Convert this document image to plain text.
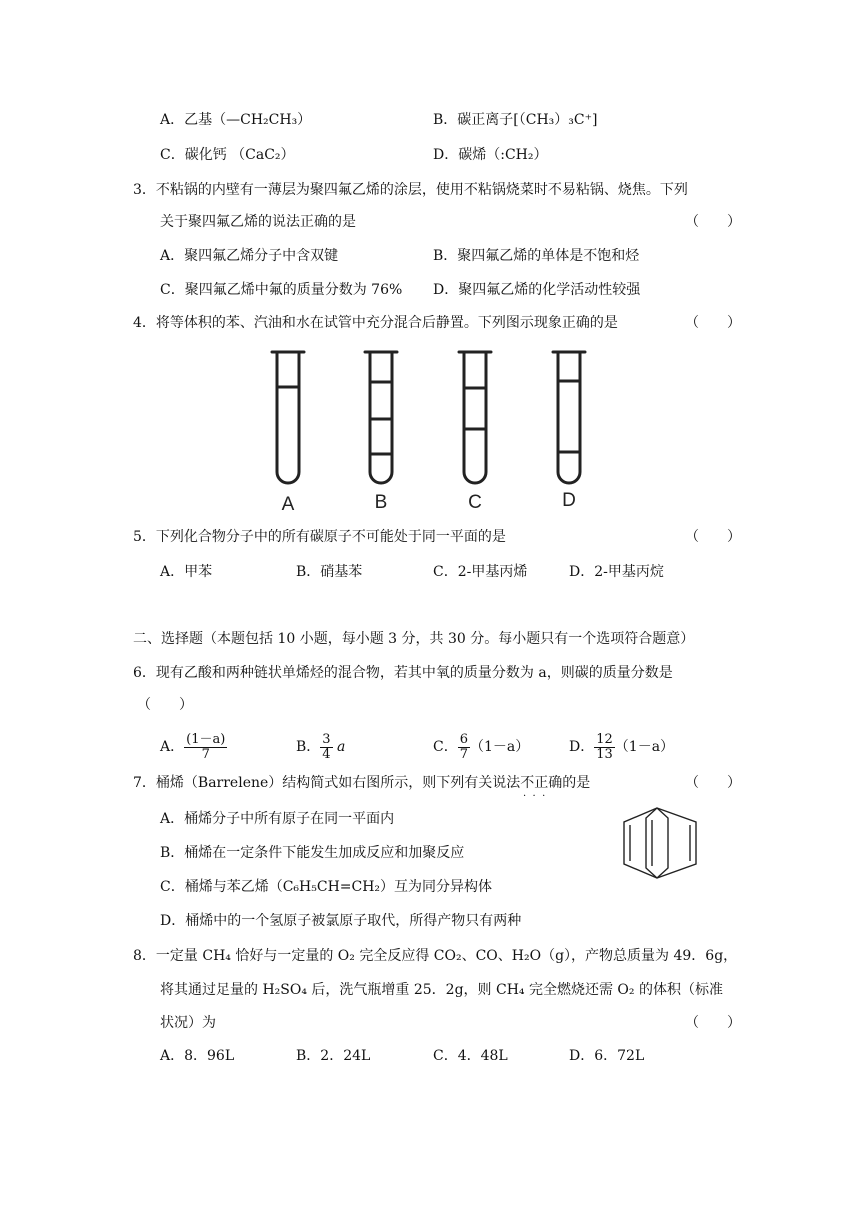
A．乙基（—CH₂CH₃）	B．碳正离子[（CH₃）₃C⁺]
C．碳化钙 （CaC₂）	D．碳烯（:CH₂）
3．不粘锅的内壁有一薄层为聚四氟乙烯的涂层，使用不粘锅烧菜时不易粘锅、烧焦。下列
关于聚四氟乙烯的说法正确的是	（　　）
A．聚四氟乙烯分子中含双键	B．聚四氟乙烯的单体是不饱和烃
C．聚四氟乙烯中氟的质量分数为 76% D．聚四氟乙烯的化学活动性较强
4．将等体积的苯、汽油和水在试管中充分混合后静置。下列图示现象正确的是	（　　）
A	B	C	D
5．下列化合物分子中的所有碳原子不可能处于同一平面的是	（　　）
A．甲苯	B．硝基苯	C．2-甲基丙烯	D．2-甲基丙烷
二、选择题（本题包括 10 小题，每小题 3 分，共 30 分。每小题只有一个选项符合题意）
6．现有乙酸和两种链状单烯烃的混合物，若其中氧的质量分数为 a，则碳的质量分数是
（　　）
A． $\frac{(1-a)}{7}$	B． $\frac{3}{4}$ a	C． $\frac{6}{7} (1-a)$	D． $\frac{12}{13} (1-a)$
7．桶烯（Barrelene）结构简式如右图所示，则下列有关说法不正确的是
·  ·  ·
（　　）
A．桶烯分子中所有原子在同一平面内
B．桶烯在一定条件下能发生加成反应和加聚反应
C．桶烯与苯乙烯（C₆H₅CH=CH₂）互为同分异构体
D．桶烯中的一个氢原子被氯原子取代，所得产物只有两种
8．一定量 CH₄ 恰好与一定量的 O₂ 完全反应得 CO₂、CO、H₂O（g），产物总质量为 49．6g，
将其通过足量的 H₂SO₄ 后，洗气瓶增重 25．2g，则 CH₄ 完全燃烧还需 O₂ 的体积（标准
状况）为	（　　）
A．8．96L	B．2．24L	C．4．48L	D．6．72L
